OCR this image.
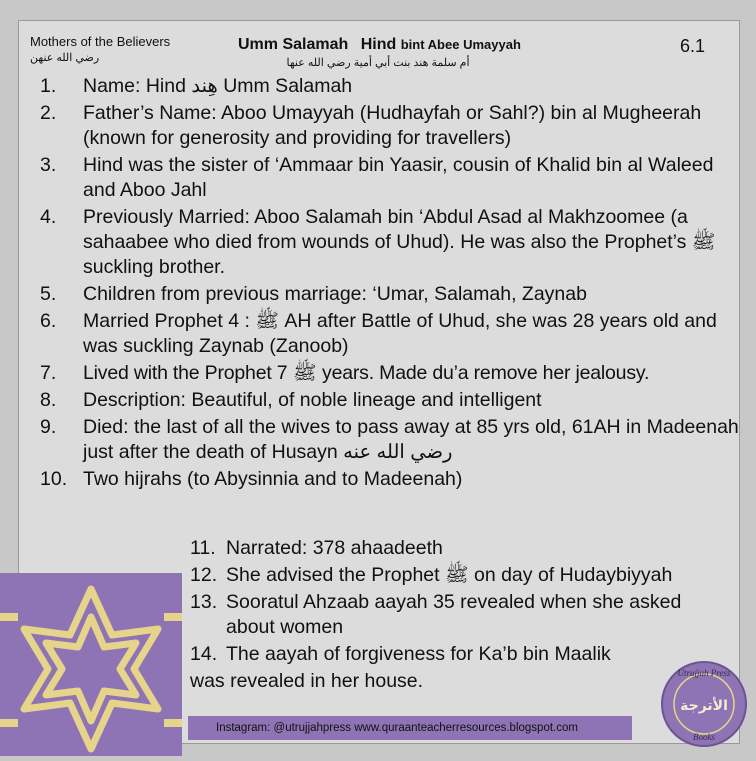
Mothers of the Believers
رضي الله عنهن
Umm Salamah Hind bint Abee Umayyah
أم سلمة هند بنت أبي أمية رضي الله عنها
6.1
1.	Name: Hind هِند Umm Salamah
2.	Father’s Name: Aboo Umayyah (Hudhayfah or Sahl?) bin al Mugheerah (known for generosity and providing for travellers)
3.	Hind was the sister of ‘Ammaar bin Yaasir, cousin of Khalid bin al Waleed and Aboo Jahl
4.	Previously Married: Aboo Salamah bin ‘Abdul Asad al Makhzoomee (a sahaabee who died from wounds of Uhud). He was also the Prophet’s ﷺ suckling brother.
5.	Children from previous marriage: ‘Umar, Salamah, Zaynab
6.	Married Prophet ﷺ : 4 AH after Battle of Uhud, she was 28 years old and was suckling Zaynab (Zanoob)
7.	Lived with the Prophet ﷺ 7 years. Made du’a remove her jealousy.
8.	Description: Beautiful, of noble lineage and intelligent
9.	Died: the last of all the wives to pass away at 85 yrs old, 61AH in Madeenah just after the death of Husayn رضي الله عنه
10. Two hijrahs (to Abysinnia and to Madeenah)
11. Narrated: 378 ahaadeeth
12. She advised the Prophet ﷺ on day of Hudaybiyyah
13. Sooratul Ahzaab aayah 35 revealed when she asked about women
14. The aayah of forgiveness for Ka’b bin Maalik
was revealed in her house.	Utrujjah Press
الأترجة
Books
Instagram: @utrujjahpress www.quraanteacherresources.blogspot.com
